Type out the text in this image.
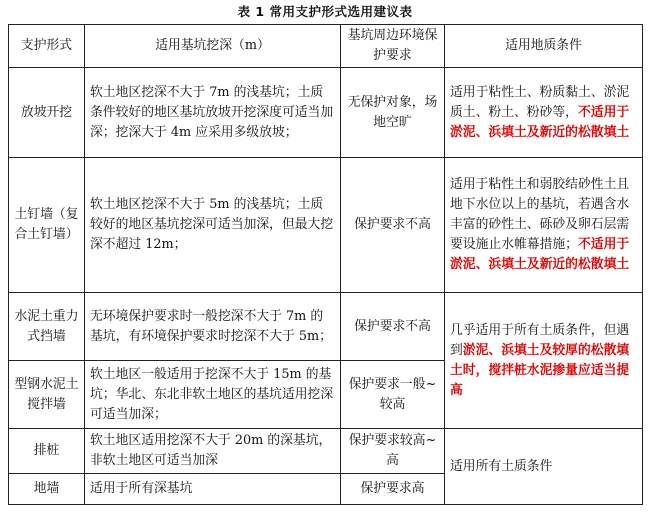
表 1 常用支护形式选用建议表
支护形式	适用基坑挖深（m）	基坑周边环境保护要求	适用地质条件
放坡开挖	软土地区挖深不大于 7m 的浅基坑；土质条件较好的地区基坑放坡开挖深度可适当加深；挖深大于 4m 应采用多级放坡；	无保护对象，场地空旷	适用于粘性土、粉质黏土、淤泥质土、粉土、粉砂等，不适用于淤泥、浜填土及新近的松散填土
土钉墙（复合土钉墙）	软土地区挖深不大于 5m 的浅基坑；土质较好的地区基坑挖深可适当加深，但最大挖深不超过 12m；	保护要求不高	适用于粘性土和弱胶结砂性土且地下水位以上的基坑，若遇含水丰富的砂性土、砾砂及卵石层需要设施止水帷幕措施；不适用于淤泥、浜填土及新近的松散填土
水泥土重力式挡墙	无环境保护要求时一般挖深不大于 7m 的基坑，有环境保护要求时挖深不大于 5m；	保护要求不高	几乎适用于所有土质条件，但遇到淤泥、浜填土及较厚的松散填土时，搅拌桩水泥掺量应适当提高
型钢水泥土搅拌墙	软土地区一般适用于挖深不大于 15m 的基坑；华北、东北非软土地区的基坑适用挖深可适当加深；	保护要求一般~较高	
排桩	软土地区适用挖深不大于 20m 的深基坑，非软土地区可适当加深	保护要求较高~高	适用所有土质条件
地墙	适用于所有深基坑	保护要求高	
